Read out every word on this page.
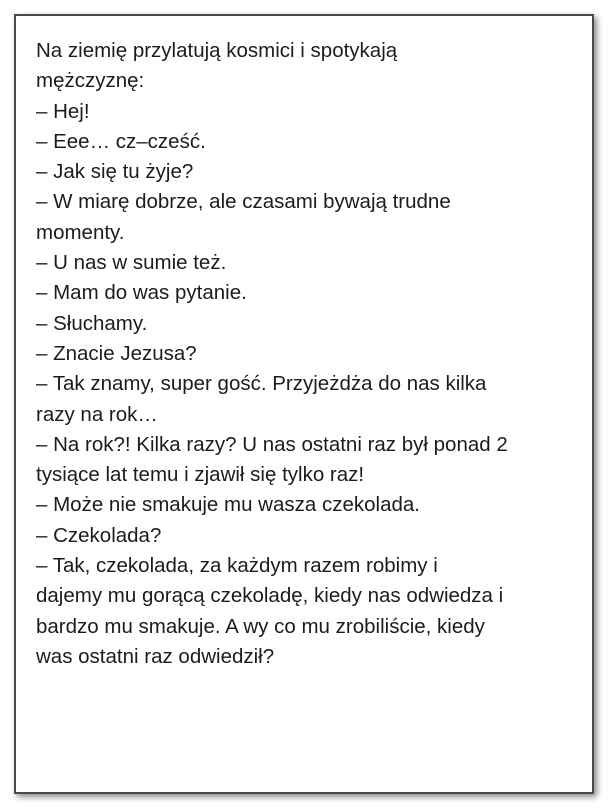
Na ziemię przylatują kosmici i spotykają
mężczyznę:
– Hej!
– Eee… cz–cześć.
– Jak się tu żyje?
– W miarę dobrze, ale czasami bywają trudne
momenty.
– U nas w sumie też.
– Mam do was pytanie.
– Słuchamy.
– Znacie Jezusa?
– Tak znamy, super gość. Przyjeżdża do nas kilka
razy na rok…
– Na rok?! Kilka razy? U nas ostatni raz był ponad 2
tysiące lat temu i zjawił się tylko raz!
– Może nie smakuje mu wasza czekolada.
– Czekolada?
– Tak, czekolada, za każdym razem robimy i
dajemy mu gorącą czekoladę, kiedy nas odwiedza i
bardzo mu smakuje. A wy co mu zrobiliście, kiedy
was ostatni raz odwiedził?
